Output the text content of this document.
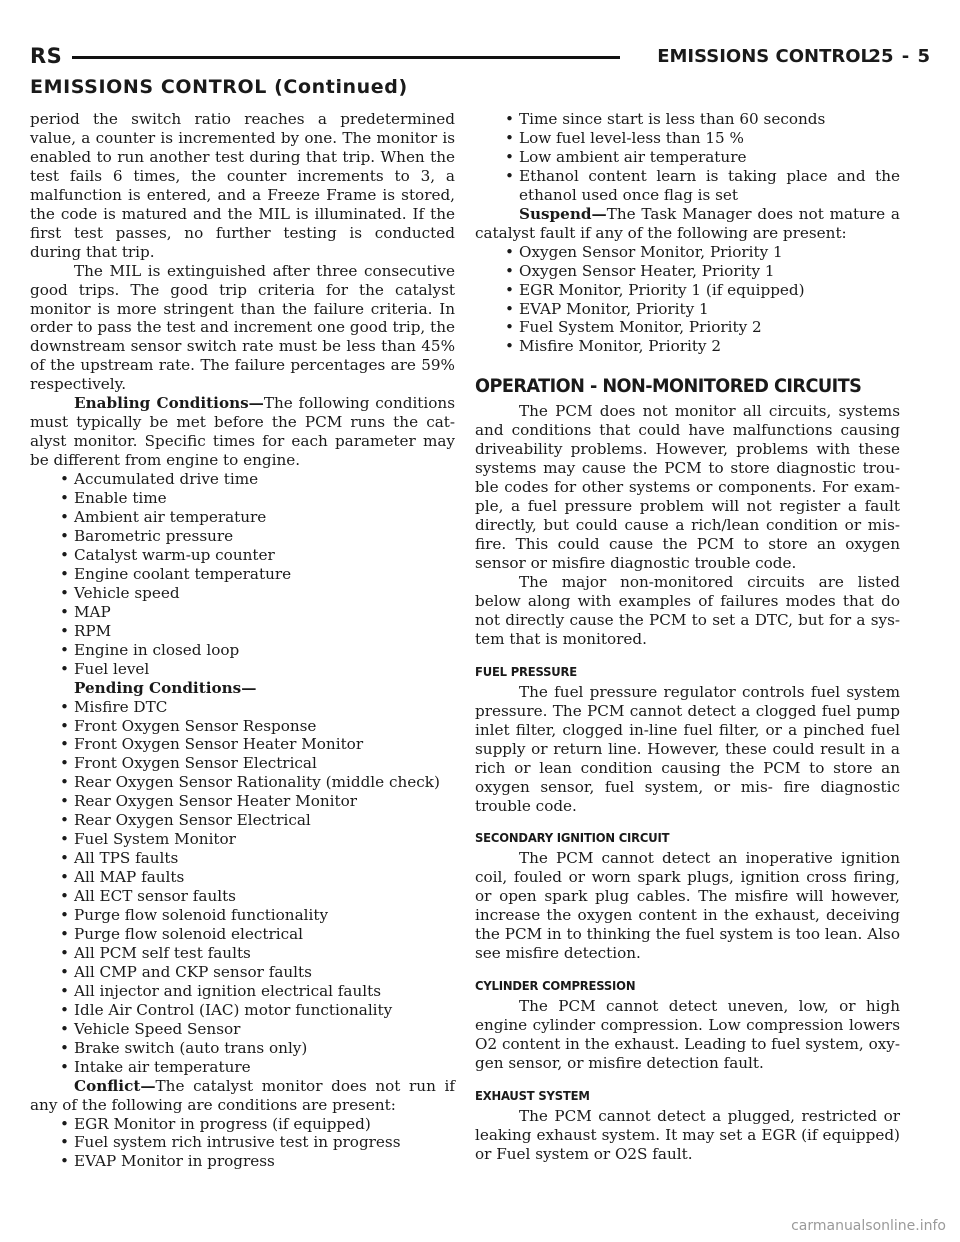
RS	EMISSIONS CONTROL
25 - 5
EMISSIONS CONTROL (Continued)

period the switch ratio reaches a predetermined value, a counter is incremented by one. The monitor is enabled to run another test during that trip. When the test fails 6 times, the counter increments to 3, a malfunction is entered, and a Freeze Frame is stored, the code is matured and the MIL is illuminated. If the first test passes, no further testing is conducted during that trip.

The MIL is extinguished after three consecutive good trips. The good trip criteria for the catalyst monitor is more stringent than the failure criteria. In order to pass the test and increment one good trip, the downstream sensor switch rate must be less than 45% of the upstream rate. The failure percentages are 59% respectively.

Enabling Conditions—The following conditions must typically be met before the PCM runs the cat- alyst monitor. Specific times for each parameter may be different from engine to engine.

• Accumulated drive time
• Enable time
• Ambient air temperature
• Barometric pressure
• Catalyst warm-up counter
• Engine coolant temperature
• Vehicle speed
• MAP
• RPM
• Engine in closed loop
• Fuel level

Pending Conditions—

• Misfire DTC
• Front Oxygen Sensor Response
• Front Oxygen Sensor Heater Monitor
• Front Oxygen Sensor Electrical
• Rear Oxygen Sensor Rationality (middle check)
• Rear Oxygen Sensor Heater Monitor
• Rear Oxygen Sensor Electrical
• Fuel System Monitor
• All TPS faults
• All MAP faults
• All ECT sensor faults
• Purge flow solenoid functionality
• Purge flow solenoid electrical
• All PCM self test faults
• All CMP and CKP sensor faults
• All injector and ignition electrical faults
• Idle Air Control (IAC) motor functionality
• Vehicle Speed Sensor
• Brake switch (auto trans only)
• Intake air temperature

Conflict—The catalyst monitor does not run if any of the following are conditions are present:

• EGR Monitor in progress (if equipped)
• Fuel system rich intrusive test in progress
• EVAP Monitor in progress
• Time since start is less than 60 seconds
• Low fuel level-less than 15 %
• Low ambient air temperature
• Ethanol content learn is taking place and the ethanol used once flag is set

Suspend—The Task Manager does not mature a catalyst fault if any of the following are present:

• Oxygen Sensor Monitor, Priority 1
• Oxygen Sensor Heater, Priority 1
• EGR Monitor, Priority 1 (if equipped)
• EVAP Monitor, Priority 1
• Fuel System Monitor, Priority 2
• Misfire Monitor, Priority 2
OPERATION - NON-MONITORED CIRCUITS

The PCM does not monitor all circuits, systems and conditions that could have malfunctions causing driveability problems. However, problems with these systems may cause the PCM to store diagnostic trou- ble codes for other systems or components. For exam- ple, a fuel pressure problem will not register a fault directly, but could cause a rich/lean condition or mis- fire. This could cause the PCM to store an oxygen sensor or misfire diagnostic trouble code.

The major non-monitored circuits are listed below along with examples of failures modes that do not directly cause the PCM to set a DTC, but for a sys- tem that is monitored.

FUEL PRESSURE

The fuel pressure regulator controls fuel system pressure. The PCM cannot detect a clogged fuel pump inlet filter, clogged in-line fuel filter, or a pinched fuel supply or return line. However, these could result in a rich or lean condition causing the PCM to store an oxygen sensor, fuel system, or mis- fire diagnostic trouble code.

SECONDARY IGNITION CIRCUIT

The PCM cannot detect an inoperative ignition coil, fouled or worn spark plugs, ignition cross firing, or open spark plug cables. The misfire will however, increase the oxygen content in the exhaust, deceiving the PCM in to thinking the fuel system is too lean. Also see misfire detection.

CYLINDER COMPRESSION

The PCM cannot detect uneven, low, or high engine cylinder compression. Low compression lowers O2 content in the exhaust. Leading to fuel system, oxy- gen sensor, or misfire detection fault.

EXHAUST SYSTEM

The PCM cannot detect a plugged, restricted or leaking exhaust system. It may set a EGR (if equipped) or Fuel system or O2S fault.

carmanualsonline.info
